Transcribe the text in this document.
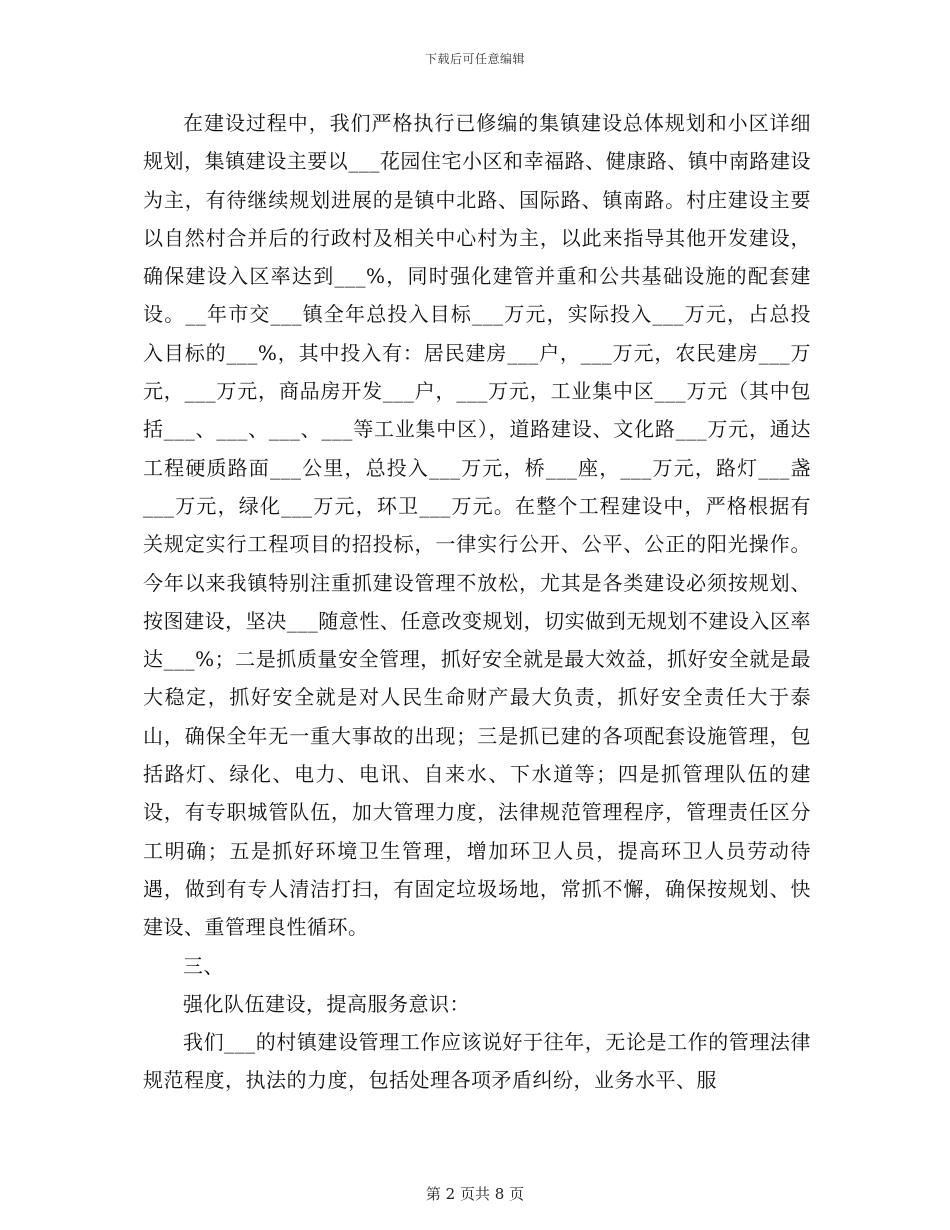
下载后可任意编辑

在建设过程中，我们严格执行已修编的集镇建设总体规划和小区详细规划，集镇建设主要以___花园住宅小区和幸福路、健康路、镇中南路建设为主，有待继续规划进展的是镇中北路、国际路、镇南路。村庄建设主要以自然村合并后的行政村及相关中心村为主，以此来指导其他开发建设，确保建设入区率达到___%，同时强化建管并重和公共基础设施的配套建设。__年市交___镇全年总投入目标___万元，实际投入___万元，占总投入目标的___%，其中投入有：居民建房___户，___万元，农民建房___万元，___万元，商品房开发___户，___万元，工业集中区___万元（其中包括___、___、___、___等工业集中区），道路建设、文化路___万元，通达工程硬质路面___公里，总投入___万元，桥___座，___万元，路灯___盏___万元，绿化___万元，环卫___万元。在整个工程建设中，严格根据有关规定实行工程项目的招投标，一律实行公开、公平、公正的阳光操作。今年以来我镇特别注重抓建设管理不放松，尤其是各类建设必须按规划、按图建设，坚决___随意性、任意改变规划，切实做到无规划不建设入区率达___%；二是抓质量安全管理，抓好安全就是最大效益，抓好安全就是最大稳定，抓好安全就是对人民生命财产最大负责，抓好安全责任大于泰山，确保全年无一重大事故的出现；三是抓已建的各项配套设施管理，包括路灯、绿化、电力、电讯、自来水、下水道等；四是抓管理队伍的建设，有专职城管队伍，加大管理力度，法律规范管理程序，管理责任区分工明确；五是抓好环境卫生管理，增加环卫人员，提高环卫人员劳动待遇，做到有专人清洁打扫，有固定垃圾场地，常抓不懈，确保按规划、快建设、重管理良性循环。

三、

强化队伍建设，提高服务意识：

我们___的村镇建设管理工作应该说好于往年，无论是工作的管理法律规范程度，执法的力度，包括处理各项矛盾纠纷，业务水平、服

第 2 页共 8 页
